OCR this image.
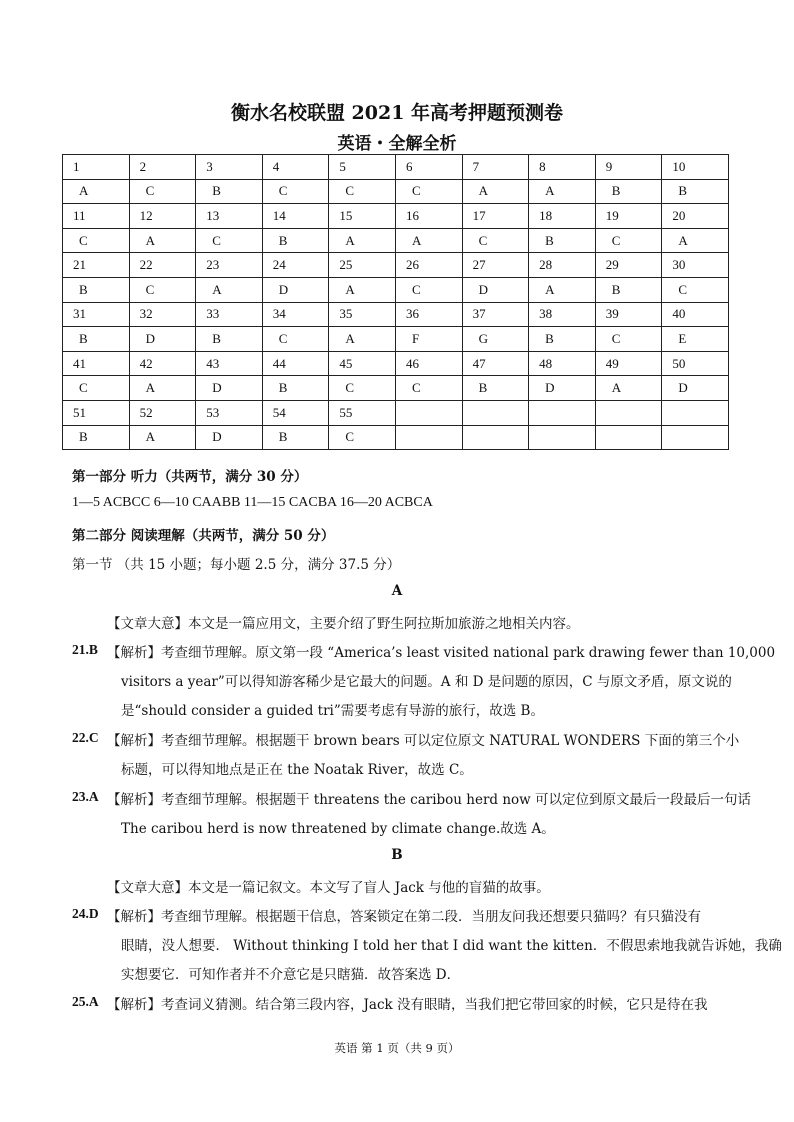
衡水名校联盟 2021 年高考押题预测卷
英语・全解全析
1	2	3	4	5	6	7	8	9	10
A	C	B	C	C	C	A	A	B	B
11	12	13	14	15	16	17	18	19	20
C	A	C	B	A	A	C	B	C	A
21	22	23	24	25	26	27	28	29	30
B	C	A	D	A	C	D	A	B	C
31	32	33	34	35	36	37	38	39	40
B	D	B	C	A	F	G	B	C	E
41	42	43	44	45	46	47	48	49	50
C	A	D	B	C	C	B	D	A	D
51	52	53	54	55					
B	A	D	B	C					
第一部分 听力（共两节，满分 30 分）
1—5 ACBCC 6—10 CAABB 11—15 CACBA 16—20 ACBCA
第二部分 阅读理解（共两节，满分 50 分）
第一节 （共 15 小题；每小题 2.5 分，满分 37.5 分）
A
【文章大意】本文是一篇应用文，主要介绍了野生阿拉斯加旅游之地相关内容。
21.B 【解析】考查细节理解。原文第一段 “America’s least visited national park drawing fewer than 10,000
visitors a year”可以得知游客稀少是它最大的问题。A 和 D 是问题的原因，C 与原文矛盾，原文说的
是“should consider a guided tri”需要考虑有导游的旅行，故选 B。
22.C 【解析】考查细节理解。根据题干 brown bears 可以定位原文 NATURAL WONDERS 下面的第三个小
标题，可以得知地点是正在 the Noatak River，故选 C。
23.A 【解析】考查细节理解。根据题干 threatens the caribou herd now 可以定位到原文最后一段最后一句话
The caribou herd is now threatened by climate change.故选 A。
B
【文章大意】本文是一篇记叙文。本文写了盲人 Jack 与他的盲猫的故事。
24.D 【解析】考查细节理解。根据题干信息，答案锁定在第二段．当朋友问我还想要只猫吗？有只猫没有
眼睛，没人想要． Without thinking I told her that I did want the kitten．不假思索地我就告诉她，我确
实想要它．可知作者并不介意它是只瞎猫．故答案选 D．
25.A 【解析】考查词义猜测。结合第三段内容，Jack 没有眼睛，当我们把它带回家的时候，它只是待在我
英语 第 1 页（共 9 页）
